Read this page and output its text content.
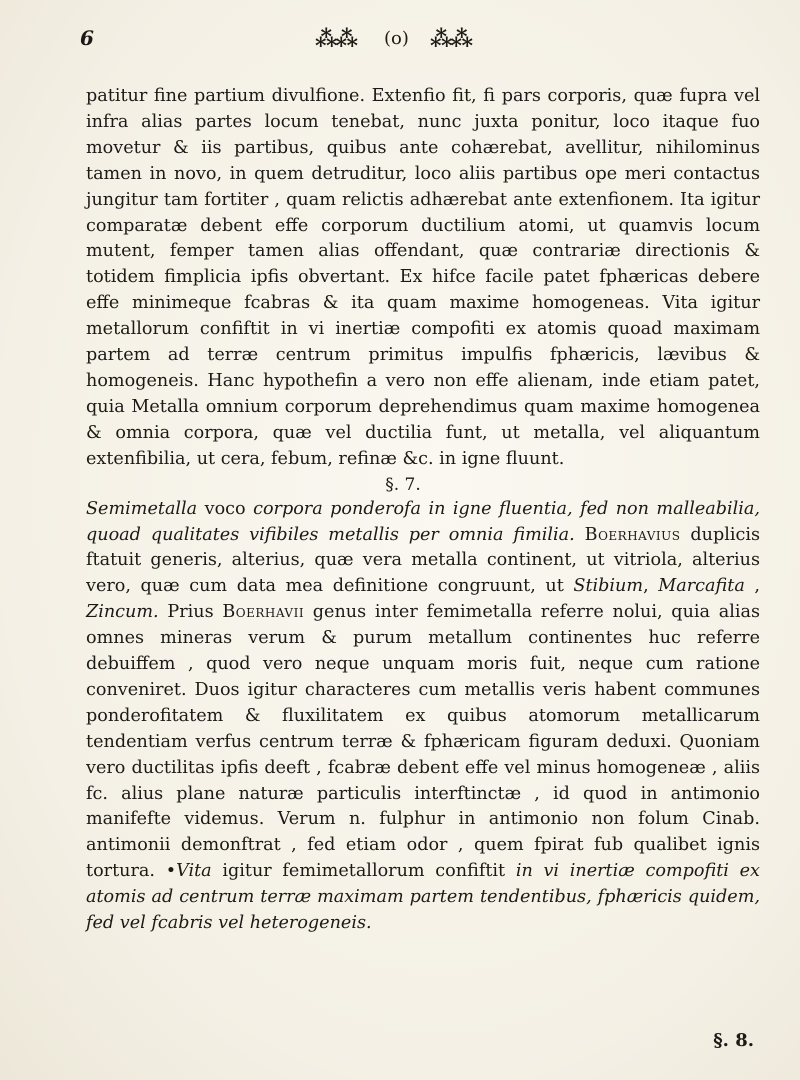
6	⁂⁂ (o) ⁂⁂

patitur fine partium divulfione. Extenfio fit, fi pars corporis, quæ fupra vel infra alias partes locum tenebat, nunc juxta ponitur, loco itaque fuo movetur & iis partibus, quibus ante cohærebat, avellitur, nihilominus tamen in novo, in quem detruditur, loco aliis partibus ope meri contactus jungitur tam fortiter , quam relictis adhærebat ante extenfionem. Ita igitur comparatæ debent effe corporum ductilium atomi, ut quamvis locum mutent, femper tamen alias offendant, quæ contrariæ directionis & totidem fimplicia ipfis obvertant. Ex hifce facile patet fphæricas debere effe minimeque fcabras & ita quam maxime homogeneas. Vita igitur metallorum confiftit in vi inertiæ compofiti ex atomis quoad maximam partem ad terræ centrum primitus impulfis fphæricis, lævibus & homogeneis. Hanc hypothefin a vero non effe alienam, inde etiam patet, quia Metalla omnium corporum deprehendimus quam maxime homogenea & omnia corpora, quæ vel ductilia funt, ut metalla, vel aliquantum extenfibilia, ut cera, febum, refinæ &c. in igne fluunt.

§. 7.

Semimetalla voco corpora ponderofa in igne fluentia, fed non malleabilia, quoad qualitates vifibiles metallis per omnia fimilia. Boerhavius duplicis ftatuit generis, alterius, quæ vera metalla continent, ut vitriola, alterius vero, quæ cum data mea definitione congruunt, ut Stibium, Marcafita , Zincum. Prius Boerhavii genus inter femimetalla referre nolui, quia alias omnes mineras verum & purum metallum continentes huc referre debuiffem , quod vero neque unquam moris fuit, neque cum ratione conveniret. Duos igitur characteres cum metallis veris habent communes ponderofitatem & fluxilitatem ex quibus atomorum metallicarum tendentiam verfus centrum terræ & fphæricam figuram deduxi. Quoniam vero ductilitas ipfis deeft , fcabræ debent effe vel minus homogeneæ , aliis fc. alius plane naturæ particulis interftinctæ , id quod in antimonio manifefte videmus. Verum n. fulphur in antimonio non folum Cinab. antimonii demonftrat , fed etiam odor , quem fpirat fub qualibet ignis tortura. •Vita igitur femimetallorum confiftit in vi inertiæ compofiti ex atomis ad centrum terræ maximam partem tendentibus, fphæricis quidem, fed vel fcabris vel heterogeneis.

§. 8.
